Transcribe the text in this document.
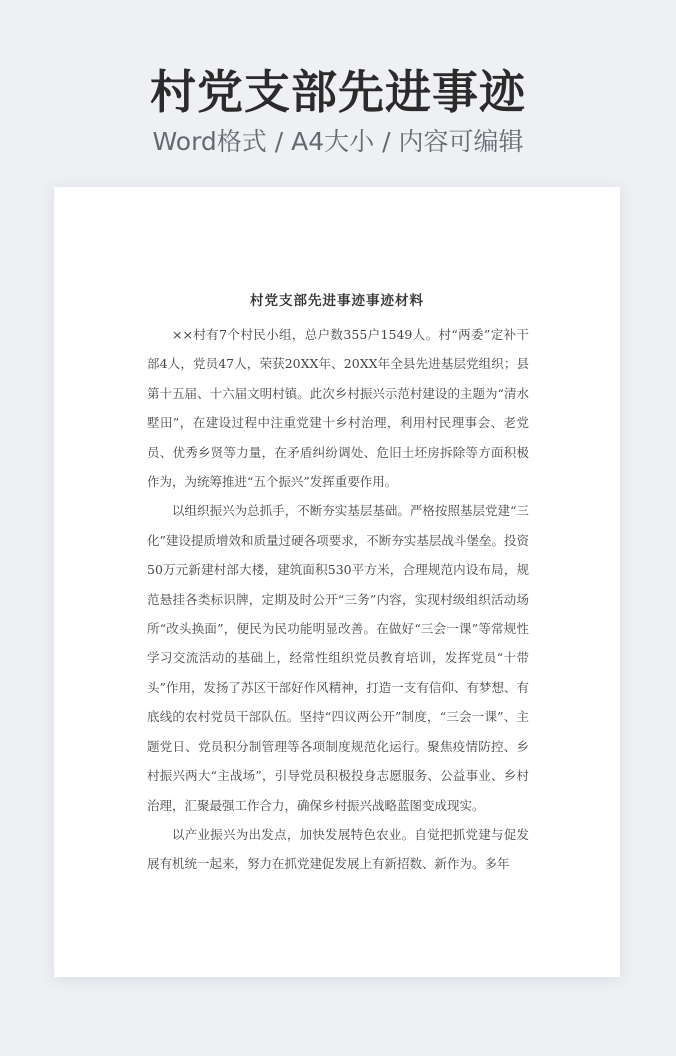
村党支部先进事迹
Word格式 / A4大小 / 内容可编辑
村党支部先进事迹事迹材料

××村有7个村民小组，总户数355户1549人。村“两委”定补干部4人，党员47人，荣获20XX年、20XX年全县先进基层党组织；县第十五届、十六届文明村镇。此次乡村振兴示范村建设的主题为“清水墅田”，在建设过程中注重党建十乡村治理，利用村民理事会、老党员、优秀乡贤等力量，在矛盾纠纷调处、危旧土坯房拆除等方面积极作为，为统筹推进“五个振兴”发挥重要作用。

以组织振兴为总抓手，不断夯实基层基础。严格按照基层党建“三化”建设提质增效和质量过硬各项要求，不断夯实基层战斗堡垒。投资50万元新建村部大楼，建筑面积530平方米，合理规范内设布局，规范悬挂各类标识牌，定期及时公开“三务”内容，实现村级组织活动场所“改头换面”，便民为民功能明显改善。在做好“三会一课”等常规性学习交流活动的基础上，经常性组织党员教育培训，发挥党员“十带头”作用，发扬了苏区干部好作风精神，打造一支有信仰、有梦想、有底线的农村党员干部队伍。坚持“四议两公开”制度，“三会一课”、主题党日、党员积分制管理等各项制度规范化运行。聚焦疫情防控、乡村振兴两大“主战场”，引导党员积极投身志愿服务、公益事业、乡村治理，汇聚最强工作合力，确保乡村振兴战略蓝图变成现实。

以产业振兴为出发点，加快发展特色农业。自觉把抓党建与促发展有机统一起来，努力在抓党建促发展上有新招数、新作为。多年
